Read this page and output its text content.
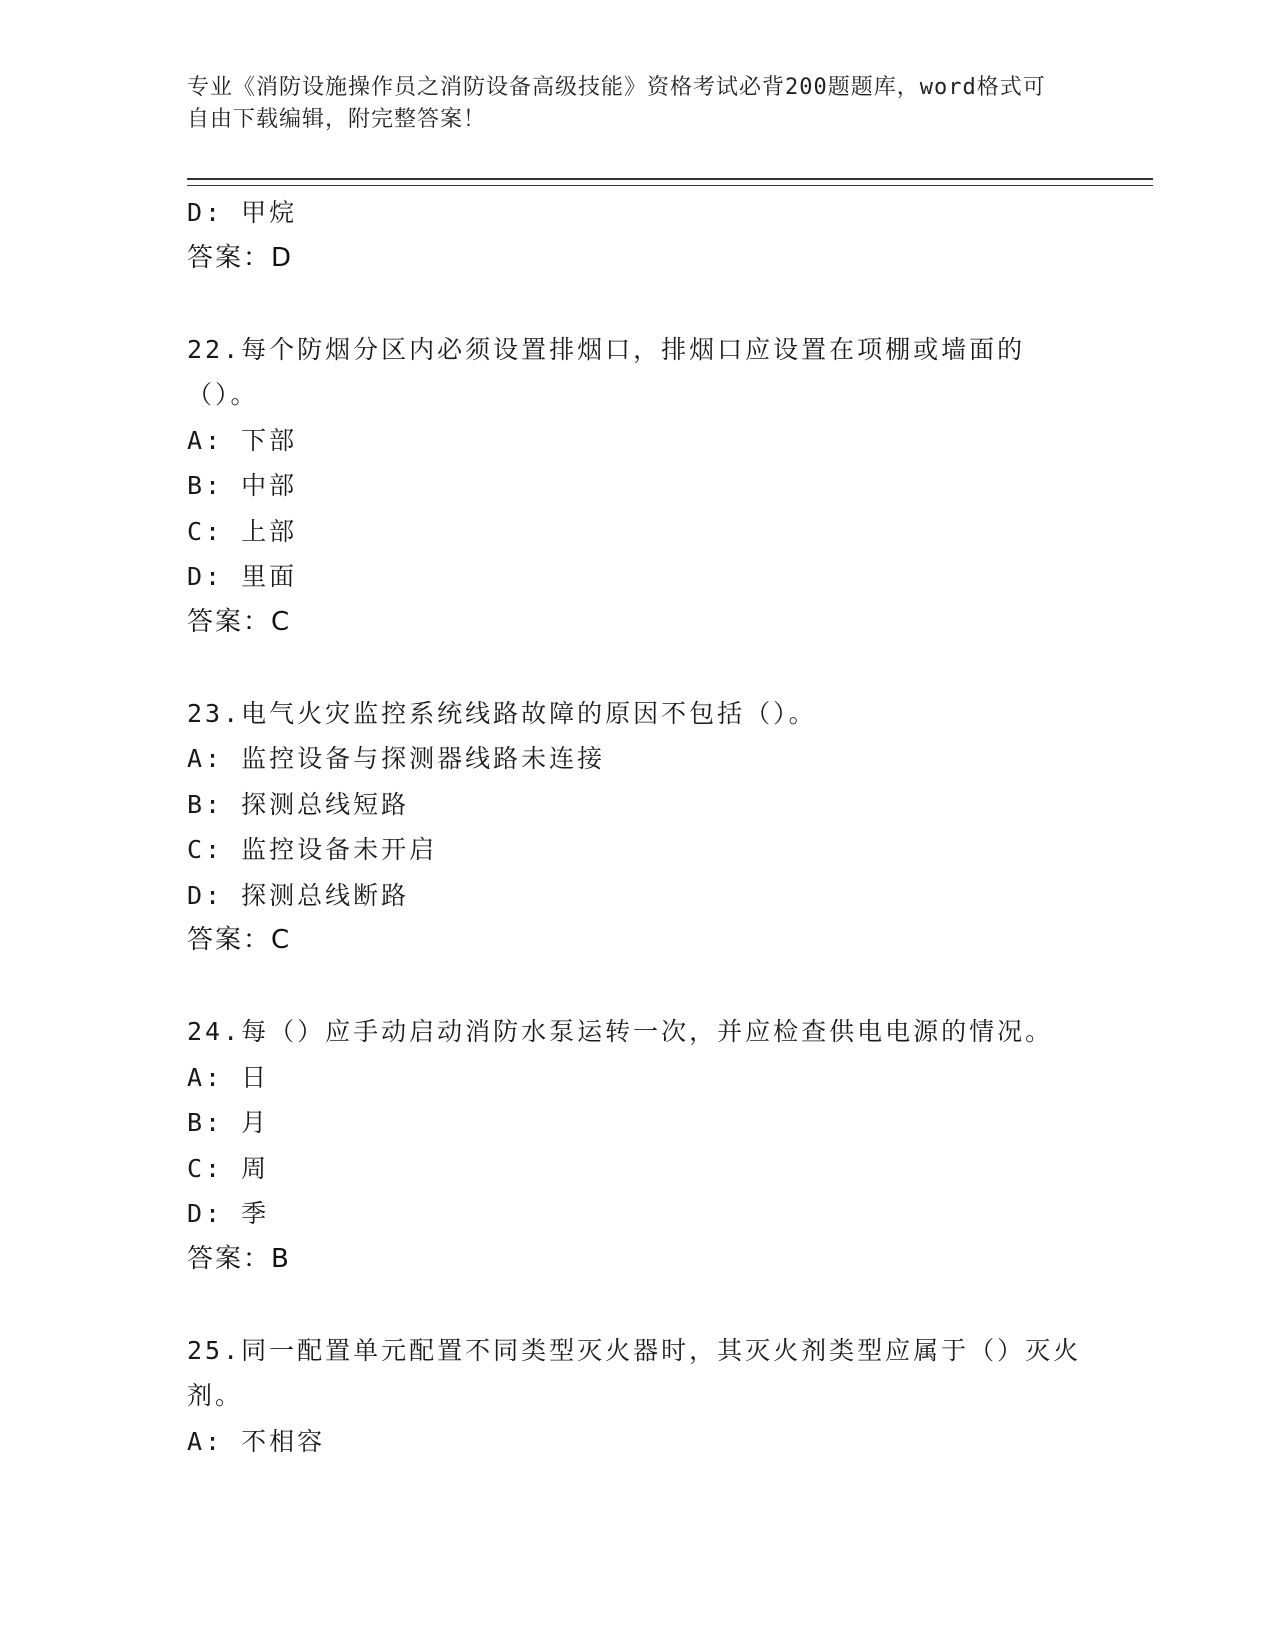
专业《消防设施操作员之消防设备高级技能》资格考试必背200题题库，word格式可自由下载编辑，附完整答案！
D: 甲烷
答案：D
22.每个防烟分区内必须设置排烟口，排烟口应设置在项棚或墙面的（）。
A: 下部
B: 中部
C: 上部
D: 里面
答案：C
23.电气火灾监控系统线路故障的原因不包括（）。
A: 监控设备与探测器线路未连接
B: 探测总线短路
C: 监控设备未开启
D: 探测总线断路
答案：C
24.每（）应手动启动消防水泵运转一次，并应检查供电电源的情况。
A: 日
B: 月
C: 周
D: 季
答案：B
25.同一配置单元配置不同类型灭火器时，其灭火剂类型应属于（）灭火剂。
A: 不相容
